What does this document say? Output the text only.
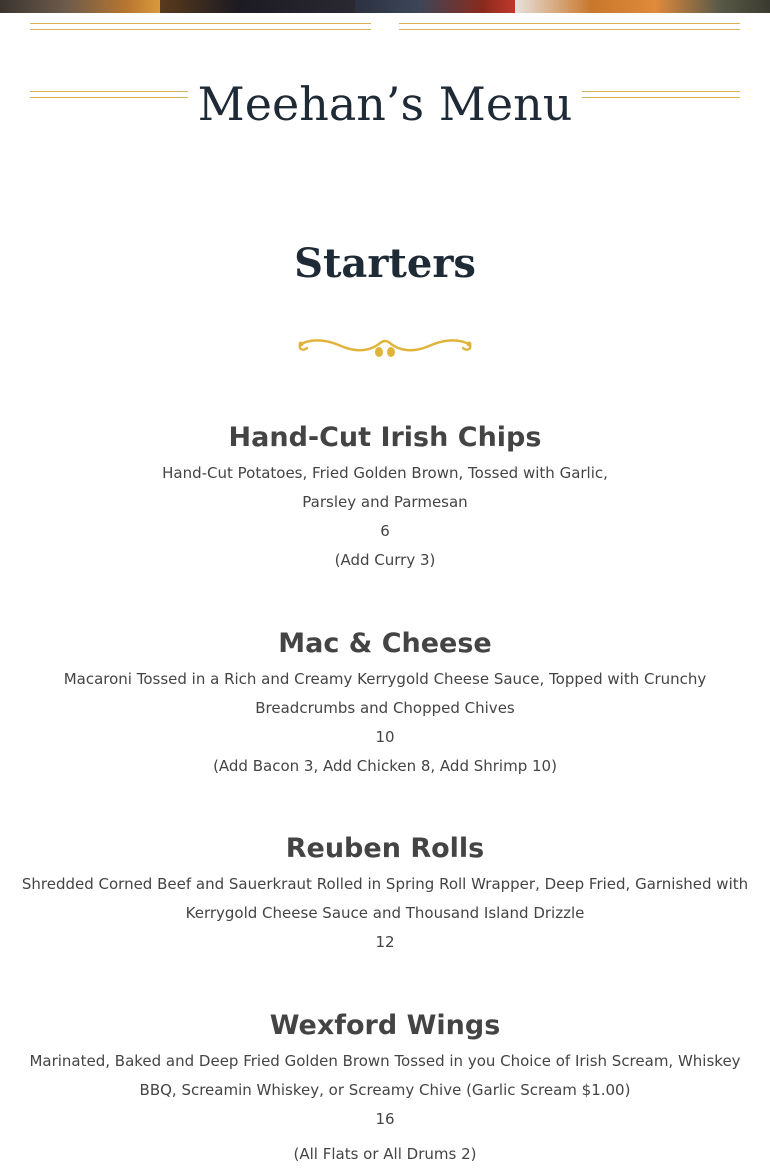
Meehan’s Menu
Starters
Hand-Cut Irish Chips

Hand-Cut Potatoes, Fried Golden Brown, Tossed with Garlic, Parsley and Parmesan

6

(Add Curry 3)

Mac & Cheese

Macaroni Tossed in a Rich and Creamy Kerrygold Cheese Sauce, Topped with Crunchy Breadcrumbs and Chopped Chives

10

(Add Bacon 3, Add Chicken 8, Add Shrimp 10)

Reuben Rolls

Shredded Corned Beef and Sauerkraut Rolled in Spring Roll Wrapper, Deep Fried, Garnished with Kerrygold Cheese Sauce and Thousand Island Drizzle

12

Wexford Wings

Marinated, Baked and Deep Fried Golden Brown Tossed in you Choice of Irish Scream, Whiskey BBQ, Screamin Whiskey, or Screamy Chive (Garlic Scream $1.00)

16

(All Flats or All Drums 2)
